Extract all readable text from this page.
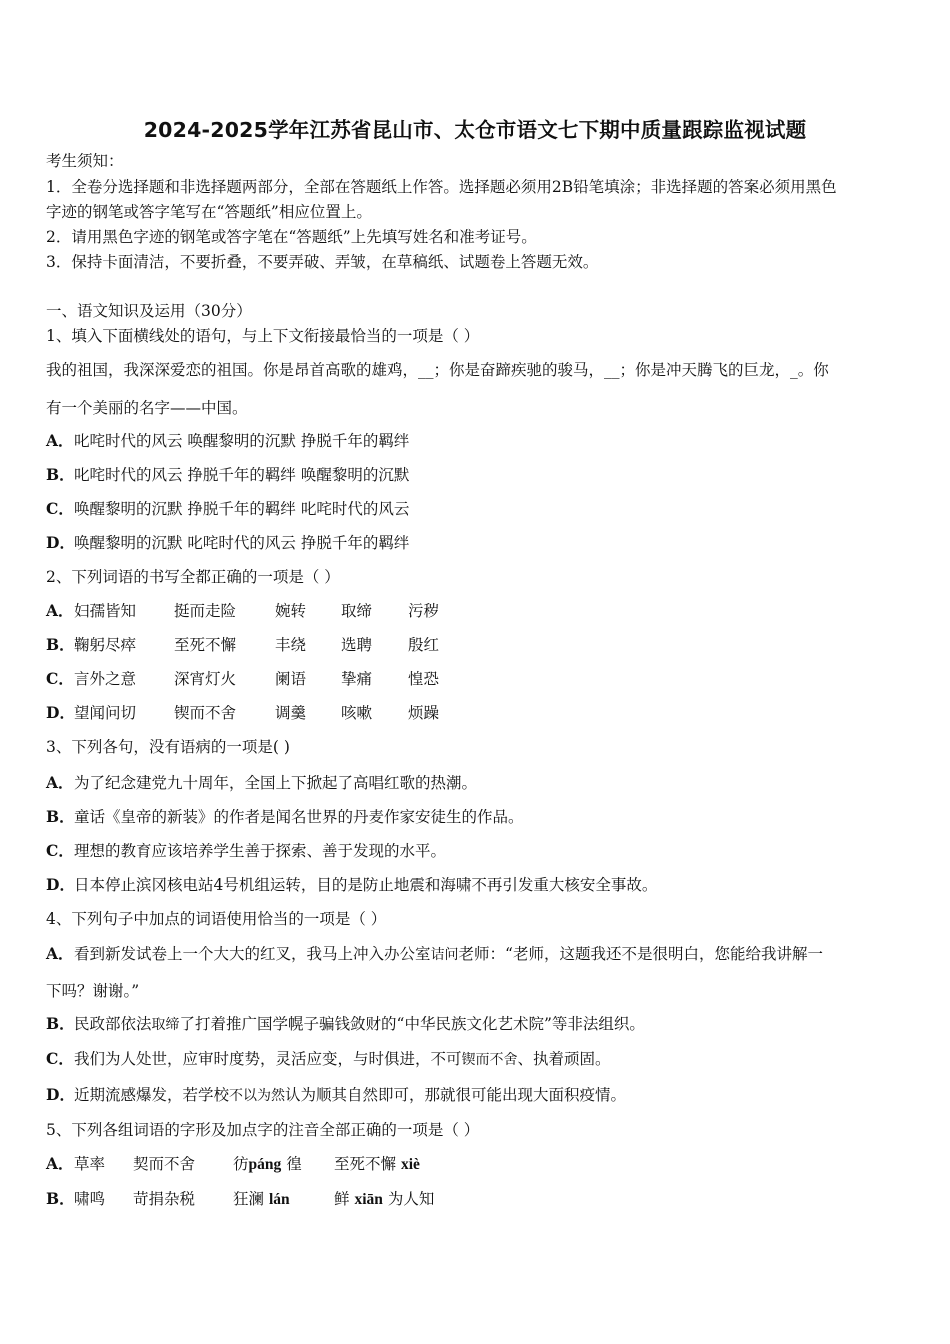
2024-2025学年江苏省昆山市、太仓市语文七下期中质量跟踪监视试题
考生须知：
1．全卷分选择题和非选择题两部分，全部在答题纸上作答。选择题必须用2B铅笔填涂；非选择题的答案必须用黑色
字迹的钢笔或答字笔写在“答题纸”相应位置上。
2．请用黑色字迹的钢笔或答字笔在“答题纸”上先填写姓名和准考证号。
3．保持卡面清洁，不要折叠，不要弄破、弄皱，在草稿纸、试题卷上答题无效。
一、语文知识及运用（30分）
1、填入下面横线处的语句，与上下文衔接最恰当的一项是（ ）
我的祖国，我深深爱恋的祖国。你是昂首高歌的雄鸡，__；你是奋蹄疾驰的骏马，__；你是冲天腾飞的巨龙，_。你
有一个美丽的名字——中国。
A．叱咤时代的风云 唤醒黎明的沉默 挣脱千年的羁绊
B．叱咤时代的风云 挣脱千年的羁绊 唤醒黎明的沉默
C．唤醒黎明的沉默 挣脱千年的羁绊 叱咤时代的风云
D．唤醒黎明的沉默 叱咤时代的风云 挣脱千年的羁绊
2、下列词语的书写全都正确的一项是（ ）
A．妇孺皆知 挺而走险	婉转 取缔 污秽
B．鞠躬尽瘁 至死不懈	丰绕 选聘 殷红
C．言外之意 深宵灯火	阑语 挚痛 惶恐
D．望闻问切 锲而不舍	调羹 咳嗽 烦躁
3、下列各句，没有语病的一项是( )
A．为了纪念建党九十周年，全国上下掀起了高唱红歌的热潮。
B．童话《皇帝的新装》的作者是闻名世界的丹麦作家安徒生的作品。
C．理想的教育应该培养学生善于探索、善于发现的水平。
D．日本停止滨冈核电站4号机组运转，目的是防止地震和海啸不再引发重大核安全事故。
4、下列句子中加点的词语使用恰当的一项是（ ）
A．看到新发试卷上一个大大的红叉，我马上冲入办公室诘问老师：“老师，这题我还不是很明白，您能给我讲解一
下吗？谢谢。”
B．民政部依法取缔了打着推广国学幌子骗钱敛财的“中华民族文化艺术院”等非法组织。
C．我们为人处世，应审时度势，灵活应变，与时俱进，不可锲而不舍、执着顽固。
D．近期流感爆发，若学校不以为然认为顺其自然即可，那就很可能出现大面积疫情。
5、下列各组词语的字形及加点字的注音全部正确的一项是（ ）
A．草率 契而不舍 彷páng 徨 至死不懈 xiè
B．啸鸣 苛捐杂税 狂澜 lán	鲜 xiān 为人知
